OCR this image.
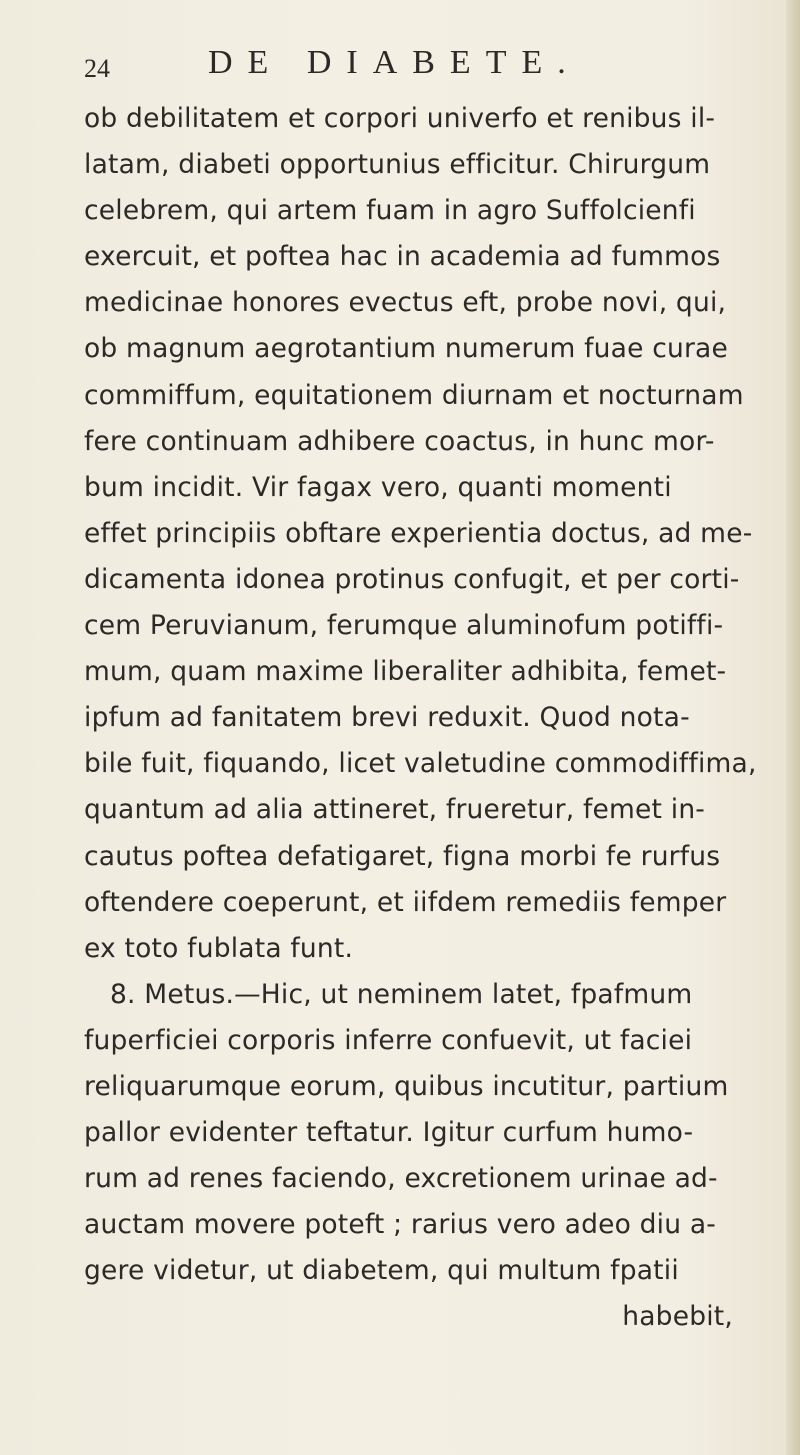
24	DE DIABETE.
ob debilitatem et corpori univerfo et renibus il-
latam, diabeti opportunius efficitur. Chirurgum
celebrem, qui artem fuam in agro Suffolcienfi
exercuit, et poftea hac in academia ad fummos
medicinae honores evectus eft, probe novi, qui,
ob magnum aegrotantium numerum fuae curae
commiffum, equitationem diurnam et nocturnam
fere continuam adhibere coactus, in hunc mor-
bum incidit. Vir fagax vero, quanti momenti
effet principiis obftare experientia doctus, ad me-
dicamenta idonea protinus confugit, et per corti-
cem Peruvianum, ferumque aluminofum potiffi-
mum, quam maxime liberaliter adhibita, femet-
ipfum ad fanitatem brevi reduxit. Quod nota-
bile fuit, fiquando, licet valetudine commodiffima,
quantum ad alia attineret, frueretur, femet in-
cautus poftea defatigaret, figna morbi fe rurfus
oftendere coeperunt, et iifdem remediis femper
ex toto fublata funt.
8. Metus.—Hic, ut neminem latet, fpafmum
fuperficiei corporis inferre confuevit, ut faciei
reliquarumque eorum, quibus incutitur, partium
pallor evidenter teftatur. Igitur curfum humo-
rum ad renes faciendo, excretionem urinae ad-
auctam movere poteft ; rarius vero adeo diu a-
gere videtur, ut diabetem, qui multum fpatii
habebit,
